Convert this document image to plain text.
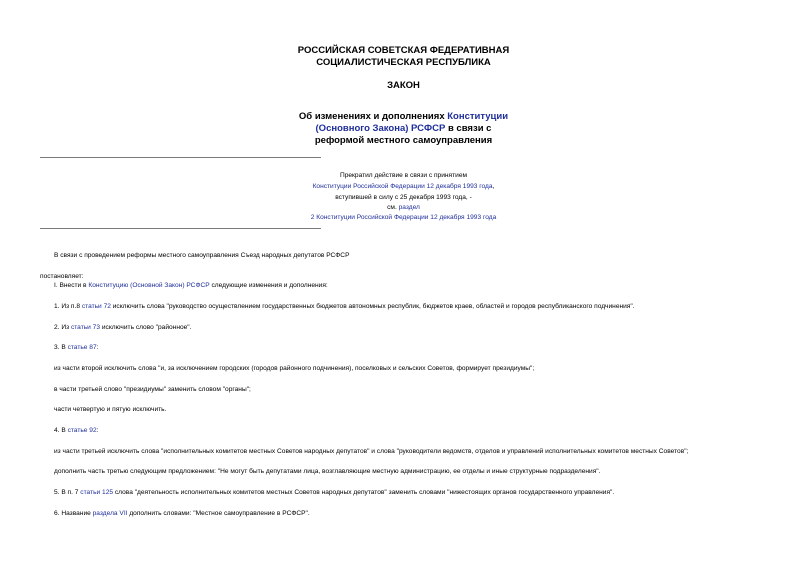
РОССИЙСКАЯ СОВЕТСКАЯ ФЕДЕРАТИВНАЯ
СОЦИАЛИСТИЧЕСКАЯ РЕСПУБЛИКА
ЗАКОН
Об изменениях и дополнениях Конституции
(Основного Закона) РСФСР в связи с
реформой местного самоуправления
Прекратил действие в связи с принятием
Конституции Российской Федерации 12 декабря 1993 года,
вступившей в силу с 25 декабря 1993 года, -
см. раздел
2 Конституции Российской Федерации 12 декабря 1993 года
В связи с проведением реформы местного самоуправления Съезд народных депутатов РСФСР
постановляет:
I. Внести в Конституцию (Основной Закон) РСФСР следующие изменения и дополнения:
1. Из п.8 статьи 72 исключить слова "руководство осуществлением государственных бюджетов автономных республик, бюджетов краев, областей и городов республиканского подчинения".
2. Из статьи 73 исключить слово "районное".
3. В статье 87:
из части второй исключить слова "и, за исключением городских (городов районного подчинения), поселковых и сельских Советов, формирует президиумы";
в части третьей слово "президиумы" заменить словом "органы";
части четвертую и пятую исключить.
4. В статье 92:
из части третьей исключить слова "исполнительных комитетов местных Советов народных депутатов" и слова "руководители ведомств, отделов и управлений исполнительных комитетов местных Советов";
дополнить часть третью следующим предложением: "Не могут быть депутатами лица, возглавляющие местную администрацию, ее отделы и иные структурные подразделения".
5. В п. 7 статьи 125 слова "деятельность исполнительных комитетов местных Советов народных депутатов" заменить словами "нижестоящих органов государственного управления".
6. Название раздела VII дополнить словами: "Местное самоуправление в РСФСР".
